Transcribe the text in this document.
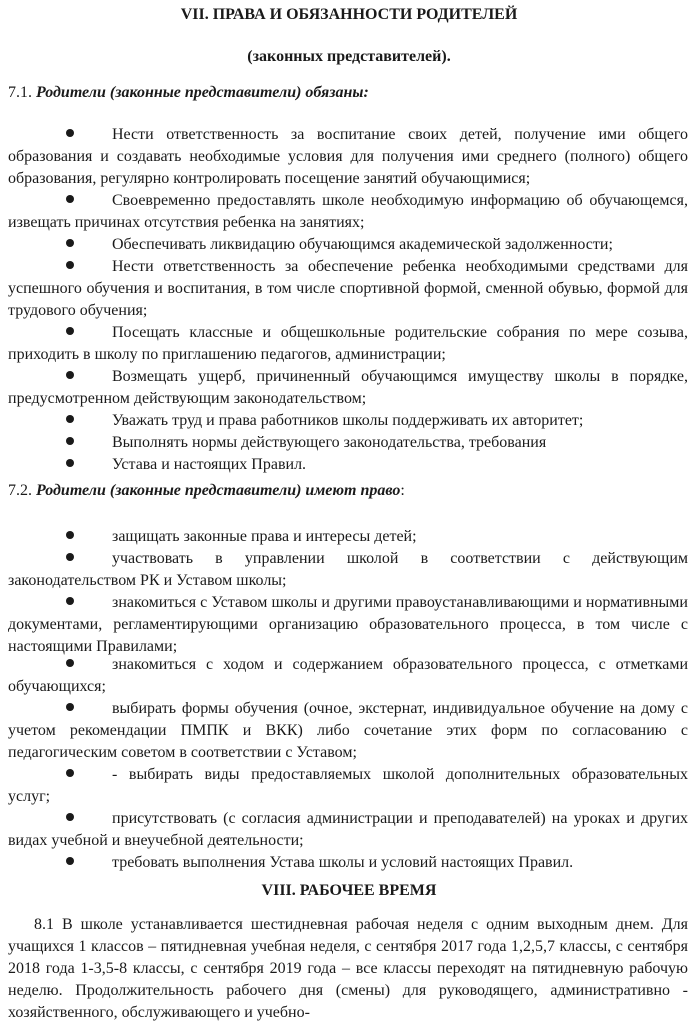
VII. ПРАВА И ОБЯЗАННОСТИ РОДИТЕЛЕЙ
(законных представителей).
7.1. Родители (законные представители) обязаны:
Нести ответственность за воспитание своих детей, получение ими общего образования и создавать необходимые условия для получения ими среднего (полного) общего образования, регулярно контролировать посещение занятий обучающимися;
Своевременно предоставлять школе необходимую информацию об обучающемся, извещать причинах отсутствия ребенка на занятиях;
Обеспечивать ликвидацию обучающимся академической задолженности;
Нести ответственность за обеспечение ребенка необходимыми средствами для успешного обучения и воспитания, в том числе спортивной формой, сменной обувью, формой для трудового обучения;
Посещать классные и общешкольные родительские собрания по мере созыва, приходить в школу по приглашению педагогов, администрации;
Возмещать ущерб, причиненный обучающимся имуществу школы в порядке, предусмотренном действующим законодательством;
Уважать труд и права работников школы поддерживать их авторитет;
Выполнять нормы действующего законодательства, требования
Устава и настоящих Правил.
7.2. Родители (законные представители) имеют право:
защищать законные права и интересы детей;
участвовать в управлении школой в соответствии с действующим законодательством РК и Уставом школы;
знакомиться с Уставом школы и другими правоустанавливающими и нормативными документами, регламентирующими организацию образовательного процесса, в том числе с настоящими Правилами;
знакомиться с ходом и содержанием образовательного процесса, с отметками обучающихся;
выбирать формы обучения (очное, экстернат, индивидуальное обучение на дому с учетом рекомендации ПМПК и ВКК) либо сочетание этих форм по согласованию с педагогическим советом в соответствии с Уставом;
- выбирать виды предоставляемых школой дополнительных образовательных услуг;
присутствовать (с согласия администрации и преподавателей) на уроках и других видах учебной и внеучебной деятельности;
требовать выполнения Устава школы и условий настоящих Правил.
VIII. РАБОЧЕЕ ВРЕМЯ
8.1 В школе устанавливается шестидневная рабочая неделя с одним выходным днем. Для учащихся 1 классов – пятидневная учебная неделя, с сентября 2017 года 1,2,5,7 классы, с сентября 2018 года 1-3,5-8 классы, с сентября 2019 года – все классы переходят на пятидневную рабочую неделю. Продолжительность рабочего дня (смены) для руководящего, административно - хозяйственного, обслуживающего и учебно-
